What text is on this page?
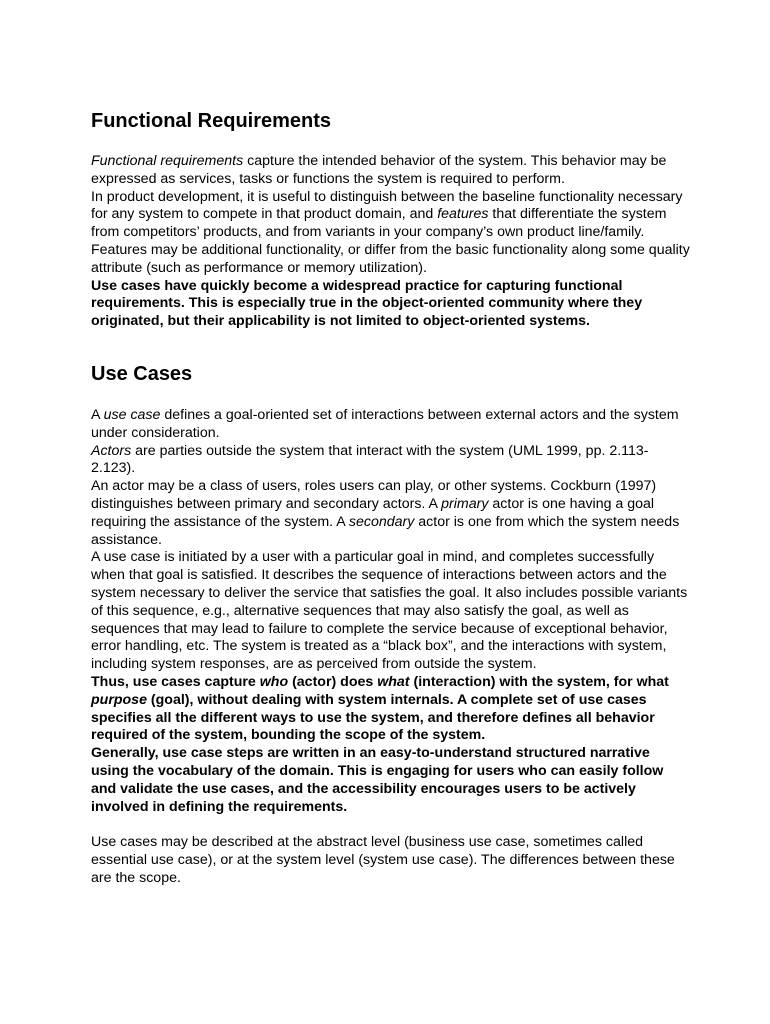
Functional Requirements

Functional requirements capture the intended behavior of the system. This behavior may be expressed as services, tasks or functions the system is required to perform.

In product development, it is useful to distinguish between the baseline functionality necessary for any system to compete in that product domain, and features that differentiate the system from competitors’ products, and from variants in your company’s own product line/family. Features may be additional functionality, or differ from the basic functionality along some quality attribute (such as performance or memory utilization).

Use cases have quickly become a widespread practice for capturing functional requirements. This is especially true in the object-oriented community where they originated, but their applicability is not limited to object-oriented systems.

Use Cases

A use case defines a goal-oriented set of interactions between external actors and the system under consideration.

Actors are parties outside the system that interact with the system (UML 1999, pp. 2.113- 2.123).

An actor may be a class of users, roles users can play, or other systems. Cockburn (1997) distinguishes between primary and secondary actors. A primary actor is one having a goal requiring the assistance of the system. A secondary actor is one from which the system needs assistance.

A use case is initiated by a user with a particular goal in mind, and completes successfully when that goal is satisfied. It describes the sequence of interactions between actors and the system necessary to deliver the service that satisfies the goal. It also includes possible variants of this sequence, e.g., alternative sequences that may also satisfy the goal, as well as sequences that may lead to failure to complete the service because of exceptional behavior, error handling, etc. The system is treated as a “black box”, and the interactions with system, including system responses, are as perceived from outside the system.

Thus, use cases capture who (actor) does what (interaction) with the system, for what purpose (goal), without dealing with system internals. A complete set of use cases specifies all the different ways to use the system, and therefore defines all behavior required of the system, bounding the scope of the system.

Generally, use case steps are written in an easy-to-understand structured narrative using the vocabulary of the domain. This is engaging for users who can easily follow and validate the use cases, and the accessibility encourages users to be actively involved in defining the requirements.

Use cases may be described at the abstract level (business use case, sometimes called essential use case), or at the system level (system use case). The differences between these are the scope.
